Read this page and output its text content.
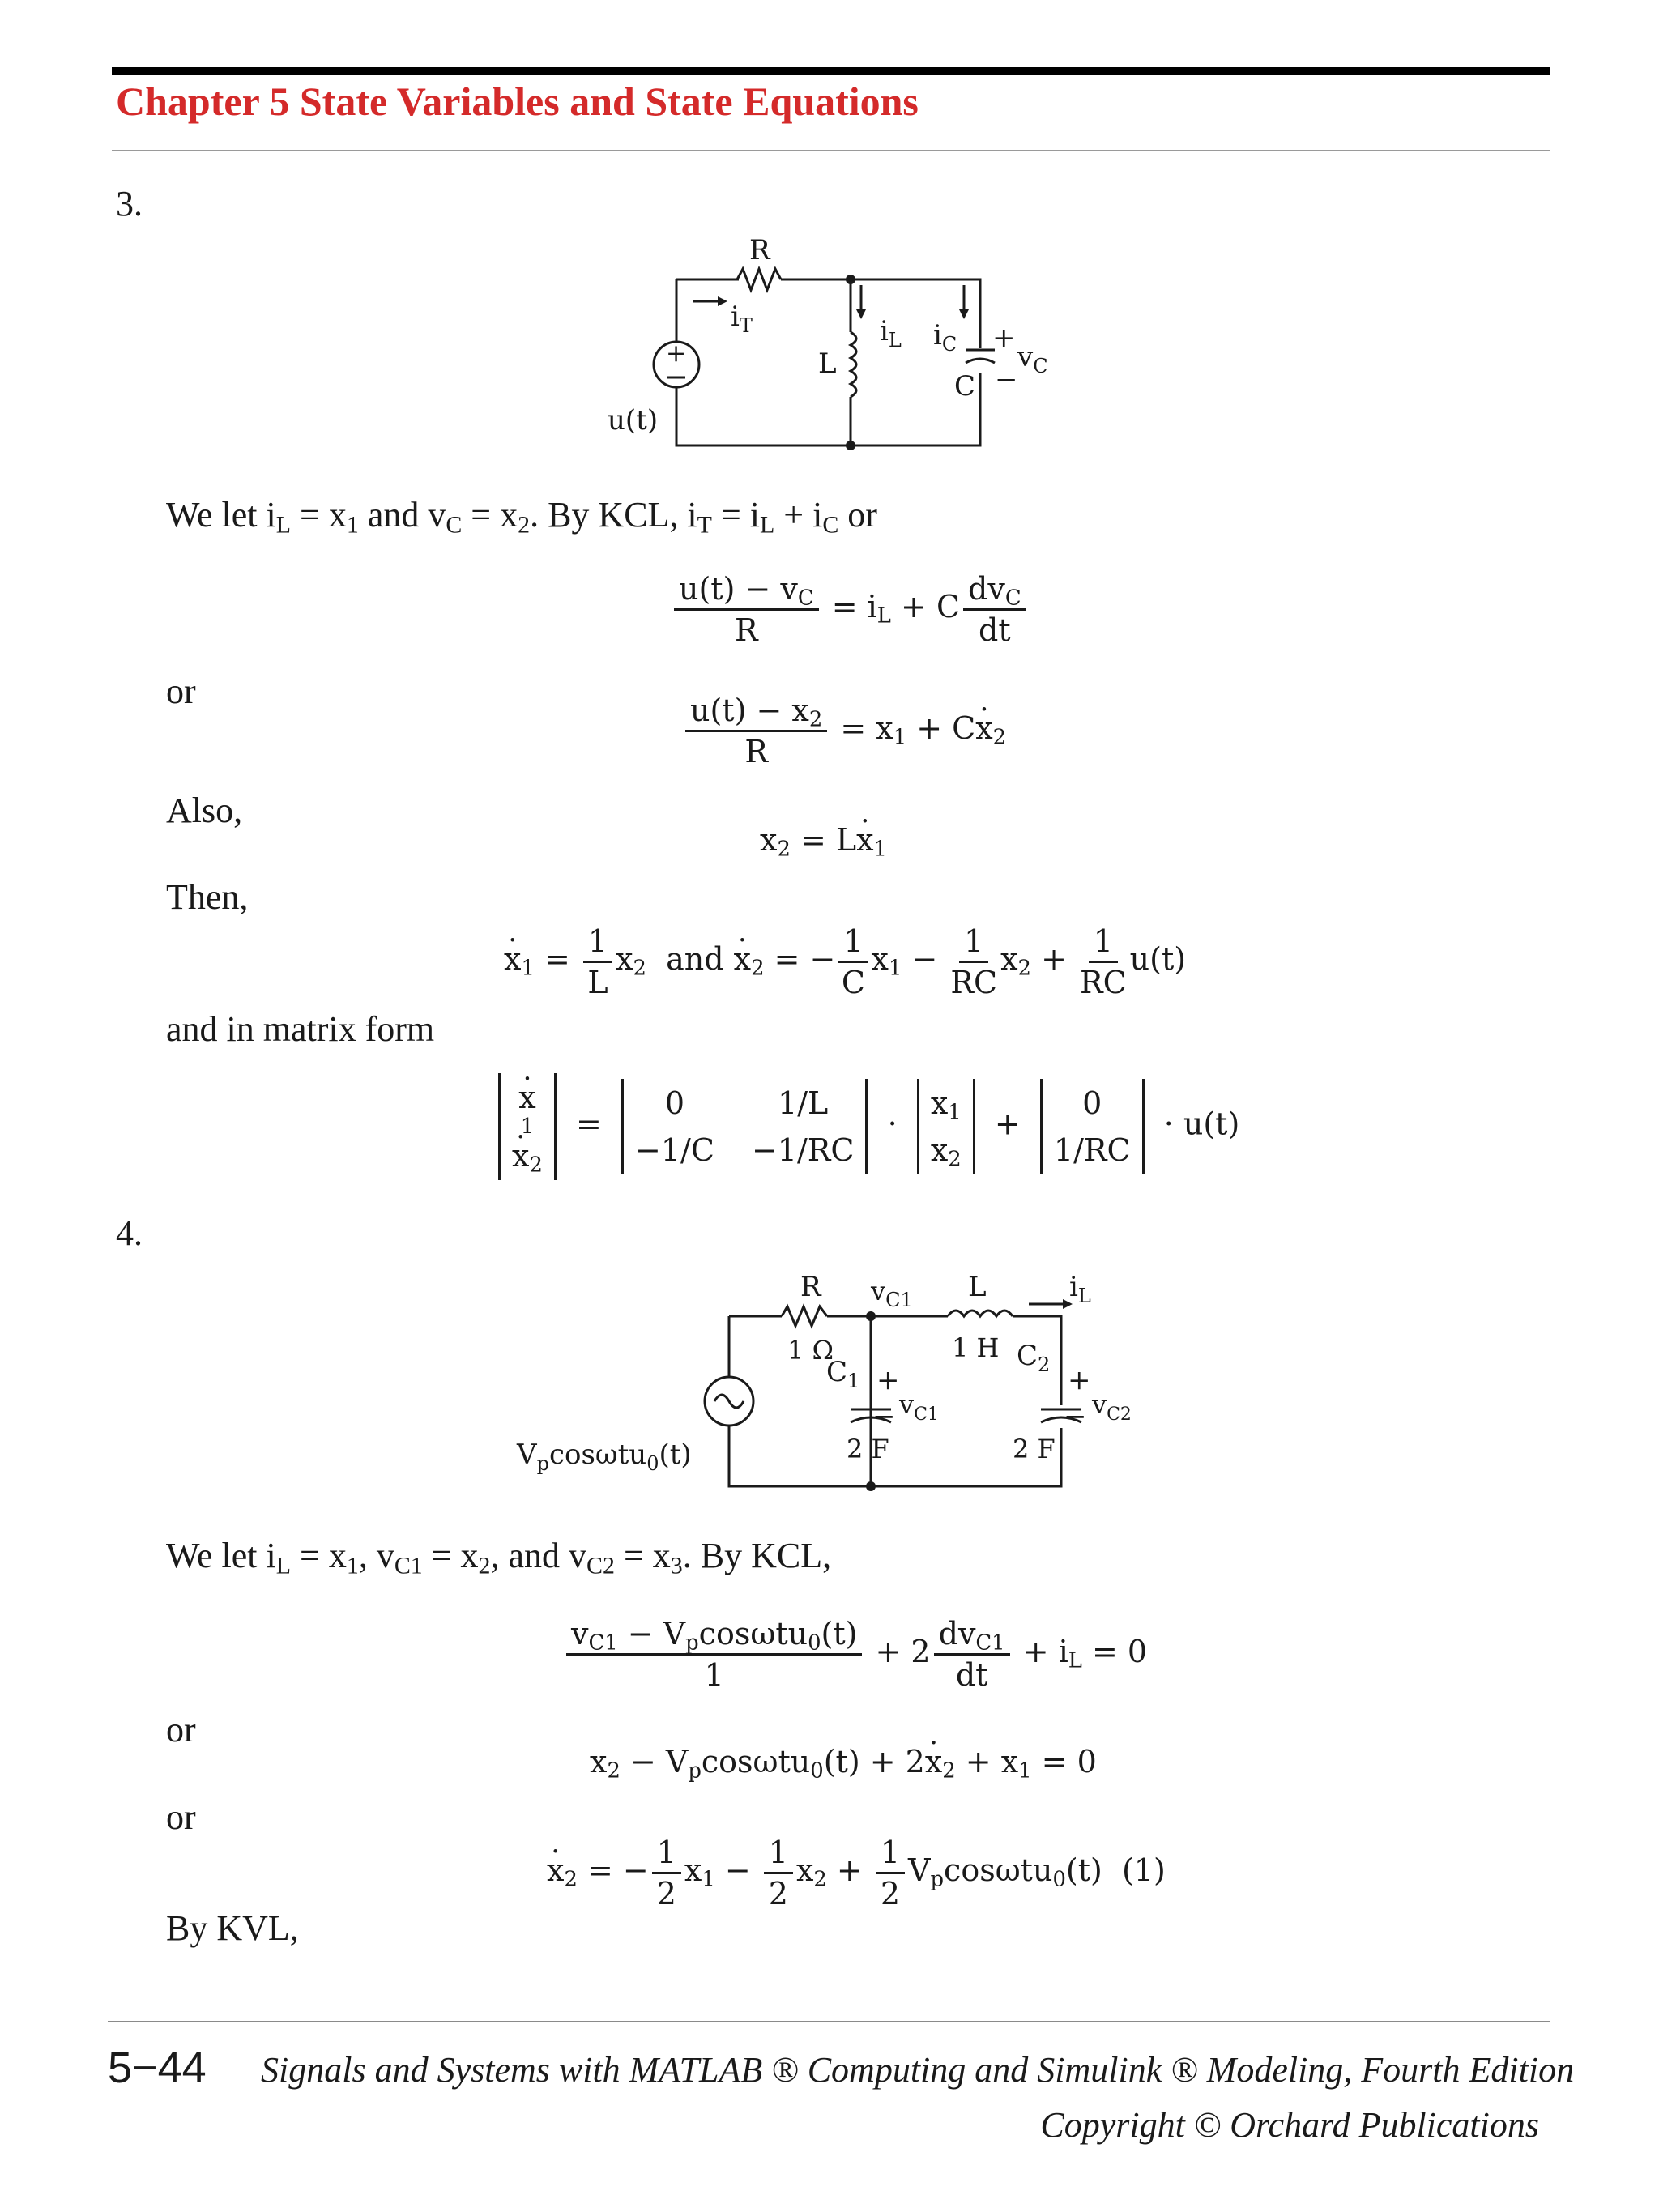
Chapter 5 State Variables and State Equations
3.
R
$i_T$
+
u(t)
L
$i_L$ $i_C$
C
+
−
$v_C$
We let $i_L = x_1$ and $v_C = x_2$. By KCL, $i_T = i_L + i_C$ or
$\frac{u(t) - v_C}{R} = i_L + C \frac{dv_C}{dt}$
or
$\frac{u(t) - x_2}{R} = x_1 + C$. $x_2$
Also,
$x_2 = L$. $x_1$
Then,
. $x_1 = \frac{1}{L} x_2$  and . $x_2$ = − $\frac{1}{C} x_1 - \frac{1}{RC} x_2 + \frac{1}{RC} u(t)$
and in matrix form
. x
1
. $x_2$
=
0	1/L
−1/C −1/RC
·
$x_1$
$x_2$
+
0
1/RC
· u(t)
4.
R
1 Ω
$V_p\cos\omega tu_0(t)$
$C_1$ +
− $v_{C1}$
2 F
$v_{C1}$ L
1 H
$i_L$
$C_2$ +
− $v_{C2}$
2 F
We let $i_L = x_1$, $v_{C1} = x_2$, and $v_{C2} = x_3$. By KCL,
$\frac{v_{C1} - V_p\cos\omega tu_0(t)}{1} + 2 \frac{dv_{C1}}{dt} + i_L = 0$
or
$x_2 - V_p\cos\omega tu_0(t) + 2$. $x_2 + x_1 = 0$
or
. $x_2$ = − $\frac{1}{2} x_1 - \frac{1}{2} x_2 + \frac{1}{2} V_p\cos\omega tu_0(t)$  (1)
By KVL,
5−44 Signals and Systems with MATLAB ® Computing and Simulink ® Modeling, Fourth Edition
Copyright © Orchard Publications
